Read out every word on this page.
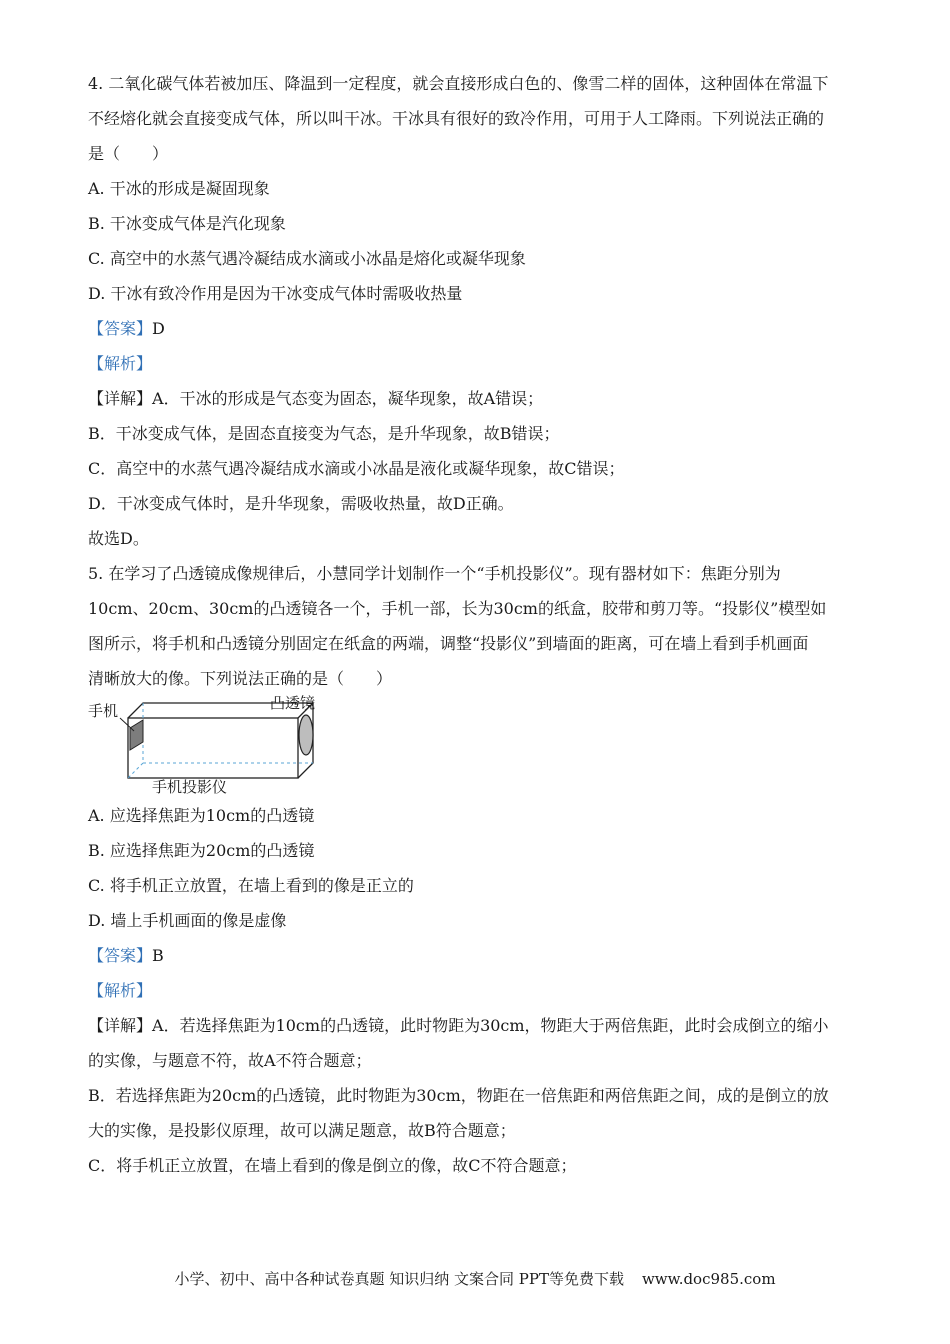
4. 二氧化碳气体若被加压、降温到一定程度，就会直接形成白色的、像雪二样的固体，这种固体在常温下
不经熔化就会直接变成气体，所以叫干冰。干冰具有很好的致冷作用，可用于人工降雨。下列说法正确的
是（　　）
A. 干冰的形成是凝固现象
B. 干冰变成气体是汽化现象
C. 高空中的水蒸气遇冷凝结成水滴或小冰晶是熔化或凝华现象
D. 干冰有致冷作用是因为干冰变成气体时需吸收热量
【答案】D
【解析】
【详解】A．干冰的形成是气态变为固态，凝华现象，故A错误；
B．干冰变成气体，是固态直接变为气态，是升华现象，故B错误；
C．高空中的水蒸气遇冷凝结成水滴或小冰晶是液化或凝华现象，故C错误；
D．干冰变成气体时，是升华现象，需吸收热量，故D正确。
故选D。
5. 在学习了凸透镜成像规律后，小慧同学计划制作一个“手机投影仪”。现有器材如下：焦距分别为
10cm、20cm、30cm的凸透镜各一个，手机一部，长为30cm的纸盒，胶带和剪刀等。“投影仪”模型如
图所示，将手机和凸透镜分别固定在纸盒的两端，调整“投影仪”到墙面的距离，可在墙上看到手机画面
清晰放大的像。下列说法正确的是（　　）
手机	凸透镜
手机投影仪
A. 应选择焦距为10cm的凸透镜
B. 应选择焦距为20cm的凸透镜
C. 将手机正立放置，在墙上看到的像是正立的
D. 墙上手机画面的像是虚像
【答案】B
【解析】
【详解】A．若选择焦距为10cm的凸透镜，此时物距为30cm，物距大于两倍焦距，此时会成倒立的缩小
的实像，与题意不符，故A不符合题意；
B．若选择焦距为20cm的凸透镜，此时物距为30cm，物距在一倍焦距和两倍焦距之间，成的是倒立的放
大的实像，是投影仪原理，故可以满足题意，故B符合题意；
C．将手机正立放置，在墙上看到的像是倒立的像，故C不符合题意；
小学、初中、高中各种试卷真题 知识归纳 文案合同 PPT等免费下载 www.doc985.com
